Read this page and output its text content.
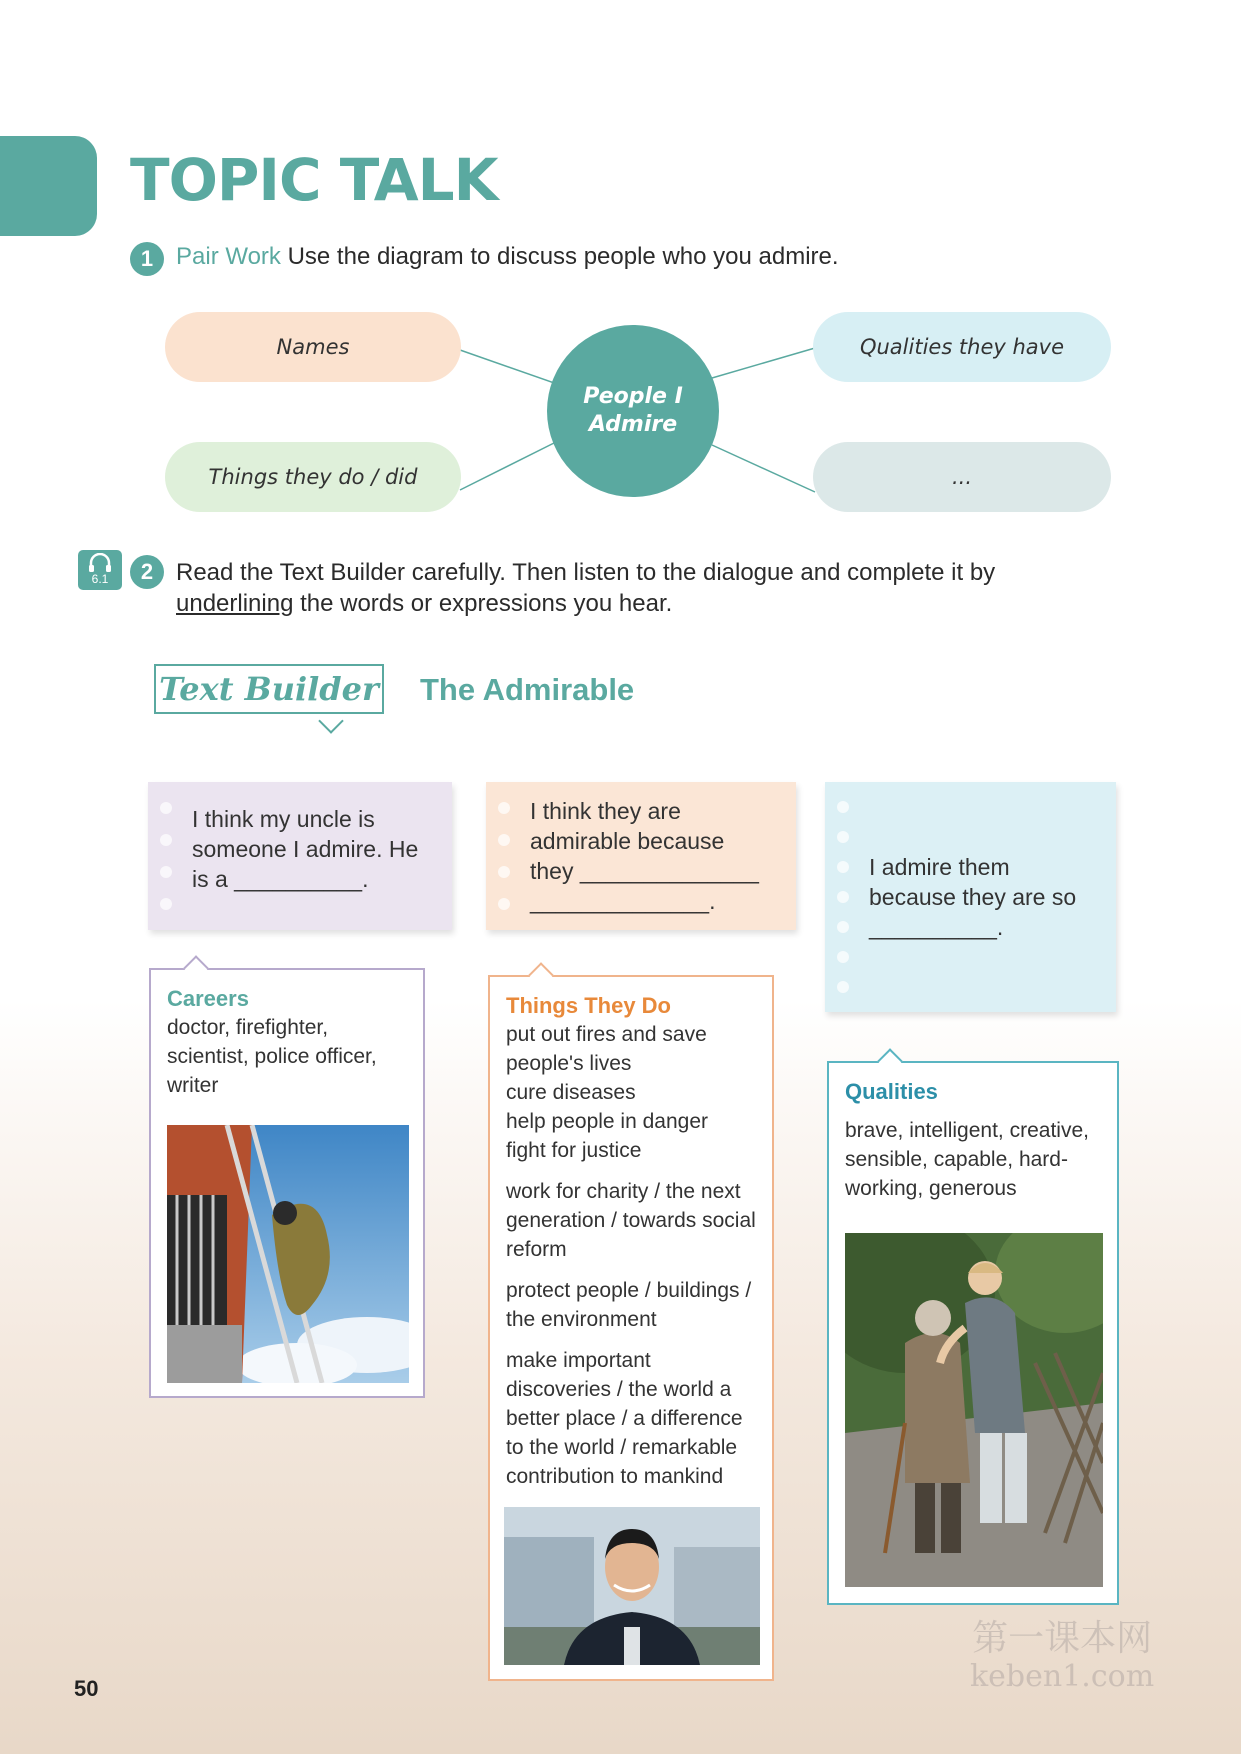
TOPIC TALK
1 Pair Work Use the diagram to discuss people who you admire.
Names	Qualities they have
Things they do / did	...
People I
Admire
6.1	2 Read the Text Builder carefully. Then listen to the dialogue and complete it by
underlining the words or expressions you hear.
Text Builder The Admirable
I think my uncle is someone I admire. He is a __________.
I think they are admirable because they ______________ ______________.
I admire them because they are so __________.
Careers
doctor, firefighter, scientist, police officer, writer
Things They Do
put out fires and save people's lives
cure diseases
help people in danger
fight for justice
work for charity / the next generation / towards social reform
protect people / buildings / the environment
make important discoveries / the world a better place / a difference to the world / remarkable contribution to mankind
Qualities
brave, intelligent, creative, sensible, capable, hard-working, generous
50
第一课本网
keben1.com
